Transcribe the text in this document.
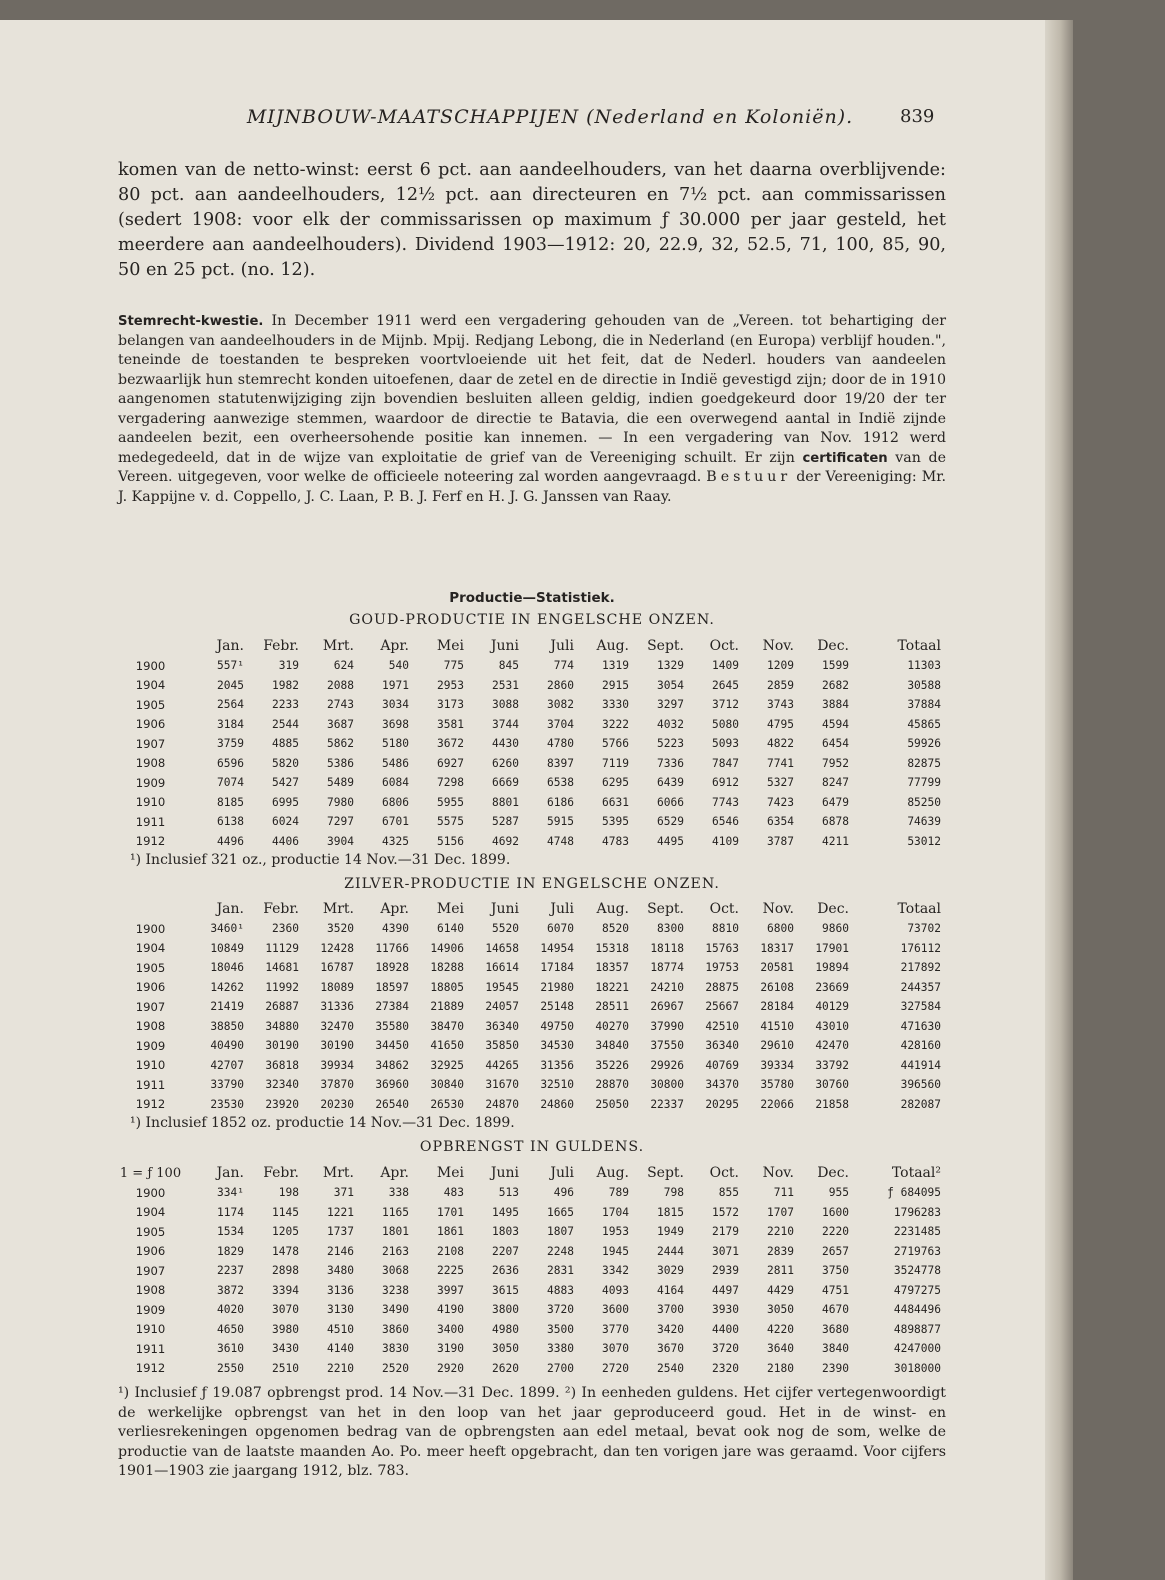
MIJNBOUW-MAATSCHAPPIJEN (Nederland en Koloniën).	839
komen van de netto-winst: eerst 6 pct. aan aandeelhouders, van het daarna overblijvende: 80 pct. aan aandeelhouders, 12½ pct. aan directeuren en 7½ pct. aan commissarissen (sedert 1908: voor elk der commissarissen op maximum ƒ 30.000 per jaar gesteld, het meerdere aan aandeelhouders). Dividend 1903—1912: 20, 22.9, 32, 52.5, 71, 100, 85, 90, 50 en 25 pct. (no. 12).
Stemrecht-kwestie. In December 1911 werd een vergadering gehouden van de „Vereen. tot behartiging der belangen van aandeelhouders in de Mijnb. Mpij. Redjang Lebong, die in Nederland (en Europa) verblijf houden.", teneinde de toestanden te bespreken voortvloeiende uit het feit, dat de Nederl. houders van aandeelen bezwaarlijk hun stemrecht konden uitoefenen, daar de zetel en de directie in Indië gevestigd zijn; door de in 1910 aangenomen statutenwijziging zijn bovendien besluiten alleen geldig, indien goedgekeurd door 19/20 der ter vergadering aanwezige stemmen, waardoor de directie te Batavia, die een overwegend aantal in Indië zijnde aandeelen bezit, een overheersohende positie kan innemen. — In een vergadering van Nov. 1912 werd medegedeeld, dat in de wijze van exploitatie de grief van de Vereeniging schuilt. Er zijn certificaten van de Vereen. uitgegeven, voor welke de officieele noteering zal worden aangevraagd. Bestuur der Vereeniging: Mr. J. Kappijne v. d. Coppello, J. C. Laan, P. B. J. Ferf en H. J. G. Janssen van Raay.
Productie—Statistiek.
GOUD-PRODUCTIE IN ENGELSCHE ONZEN.
	Jan.	Febr.	Mrt.	Apr.	Mei	Juni	Juli	Aug.	Sept.	Oct.	Nov.	Dec.	Totaal
1900	557¹	319	624	540	775	845	774	1319	1329	1409	1209	1599	11303
1904	2045	1982	2088	1971	2953	2531	2860	2915	3054	2645	2859	2682	30588
1905	2564	2233	2743	3034	3173	3088	3082	3330	3297	3712	3743	3884	37884
1906	3184	2544	3687	3698	3581	3744	3704	3222	4032	5080	4795	4594	45865
1907	3759	4885	5862	5180	3672	4430	4780	5766	5223	5093	4822	6454	59926
1908	6596	5820	5386	5486	6927	6260	8397	7119	7336	7847	7741	7952	82875
1909	7074	5427	5489	6084	7298	6669	6538	6295	6439	6912	5327	8247	77799
1910	8185	6995	7980	6806	5955	8801	6186	6631	6066	7743	7423	6479	85250
1911	6138	6024	7297	6701	5575	5287	5915	5395	6529	6546	6354	6878	74639
1912	4496	4406	3904	4325	5156	4692	4748	4783	4495	4109	3787	4211	53012
¹) Inclusief 321 oz., productie 14 Nov.—31 Dec. 1899.
ZILVER-PRODUCTIE IN ENGELSCHE ONZEN.
	Jan.	Febr.	Mrt.	Apr.	Mei	Juni	Juli	Aug.	Sept.	Oct.	Nov.	Dec.	Totaal
1900	3460¹	2360	3520	4390	6140	5520	6070	8520	8300	8810	6800	9860	73702
1904	10849	11129	12428	11766	14906	14658	14954	15318	18118	15763	18317	17901	176112
1905	18046	14681	16787	18928	18288	16614	17184	18357	18774	19753	20581	19894	217892
1906	14262	11992	18089	18597	18805	19545	21980	18221	24210	28875	26108	23669	244357
1907	21419	26887	31336	27384	21889	24057	25148	28511	26967	25667	28184	40129	327584
1908	38850	34880	32470	35580	38470	36340	49750	40270	37990	42510	41510	43010	471630
1909	40490	30190	30190	34450	41650	35850	34530	34840	37550	36340	29610	42470	428160
1910	42707	36818	39934	34862	32925	44265	31356	35226	29926	40769	39334	33792	441914
1911	33790	32340	37870	36960	30840	31670	32510	28870	30800	34370	35780	30760	396560
1912	23530	23920	20230	26540	26530	24870	24860	25050	22337	20295	22066	21858	282087
¹) Inclusief 1852 oz. productie 14 Nov.—31 Dec. 1899.
OPBRENGST IN GULDENS.
1 = ƒ 100	Jan.	Febr.	Mrt.	Apr.	Mei	Juni	Juli	Aug.	Sept.	Oct.	Nov.	Dec.	Totaal²
1900	334¹	198	371	338	483	513	496	789	798	855	711	955	ƒ 684095
1904	1174	1145	1221	1165	1701	1495	1665	1704	1815	1572	1707	1600	1796283
1905	1534	1205	1737	1801	1861	1803	1807	1953	1949	2179	2210	2220	2231485
1906	1829	1478	2146	2163	2108	2207	2248	1945	2444	3071	2839	2657	2719763
1907	2237	2898	3480	3068	2225	2636	2831	3342	3029	2939	2811	3750	3524778
1908	3872	3394	3136	3238	3997	3615	4883	4093	4164	4497	4429	4751	4797275
1909	4020	3070	3130	3490	4190	3800	3720	3600	3700	3930	3050	4670	4484496
1910	4650	3980	4510	3860	3400	4980	3500	3770	3420	4400	4220	3680	4898877
1911	3610	3430	4140	3830	3190	3050	3380	3070	3670	3720	3640	3840	4247000
1912	2550	2510	2210	2520	2920	2620	2700	2720	2540	2320	2180	2390	3018000
¹) Inclusief ƒ 19.087 opbrengst prod. 14 Nov.—31 Dec. 1899. ²) In eenheden guldens. Het cijfer vertegenwoordigt de werkelijke opbrengst van het in den loop van het jaar geproduceerd goud. Het in de winst- en verliesrekeningen opgenomen bedrag van de opbrengsten aan edel metaal, bevat ook nog de som, welke de productie van de laatste maanden Ao. Po. meer heeft opgebracht, dan ten vorigen jare was geraamd. Voor cijfers 1901—1903 zie jaargang 1912, blz. 783.
